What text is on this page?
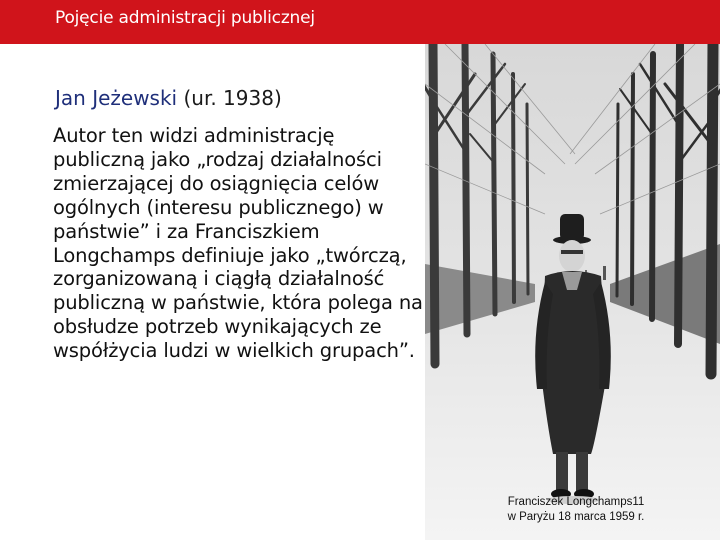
Pojęcie administracji publicznej
Jan Jeżewski (ur. 1938)
Autor ten widzi administrację publiczną jako „rodzaj działalności zmierzającej do osiągnięcia celów ogólnych (interesu publicznego) w państwie” i za Franciszkiem Longchamps definiuje jako „twórczą, zorganizowaną i ciągłą działalność publiczną w państwie, która polega na obsłudze potrzeb wynikających ze współżycia ludzi w wielkich grupach”.
Franciszek Longchamps11
w Paryżu 18 marca 1959 r.
